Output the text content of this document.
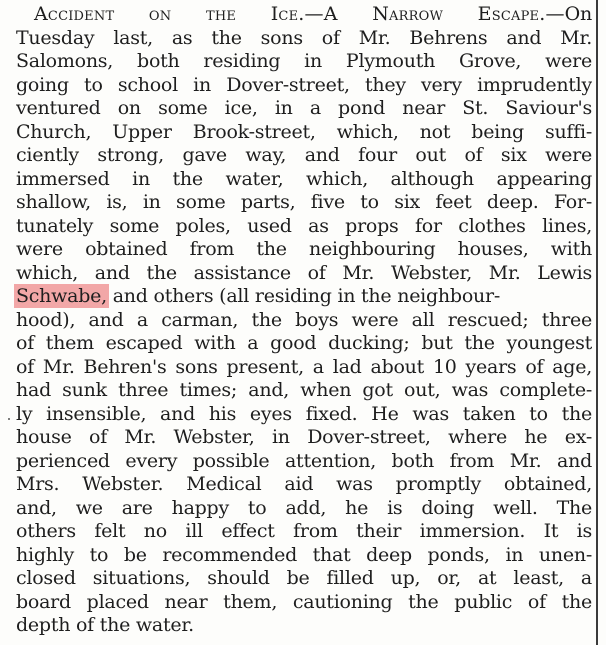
Accident on the Ice.—A Narrow Escape.—On
Tuesday last, as the sons of Mr. Behrens and Mr.
Salomons, both residing in Plymouth Grove, were
going to school in Dover-street, they very imprudently
ventured on some ice, in a pond near St. Saviour's
Church, Upper Brook-street, which, not being suffi-
ciently strong, gave way, and four out of six were
immersed in the water, which, although appearing
shallow, is, in some parts, five to six feet deep. For-
tunately some poles, used as props for clothes lines,
were obtained from the neighbouring houses, with
which, and the assistance of Mr. Webster, Mr. Lewis
Schwabe, and others (all residing in the neighbour-
hood), and a carman, the boys were all rescued; three
of them escaped with a good ducking; but the youngest
of Mr. Behren's sons present, a lad about 10 years of age,
had sunk three times; and, when got out, was complete-
ly insensible, and his eyes fixed. He was taken to the
house of Mr. Webster, in Dover-street, where he ex-
perienced every possible attention, both from Mr. and
Mrs. Webster. Medical aid was promptly obtained,
and, we are happy to add, he is doing well. The
others felt no ill effect from their immersion. It is
highly to be recommended that deep ponds, in unen-
closed situations, should be filled up, or, at least, a
board placed near them, cautioning the public of the
depth of the water.
